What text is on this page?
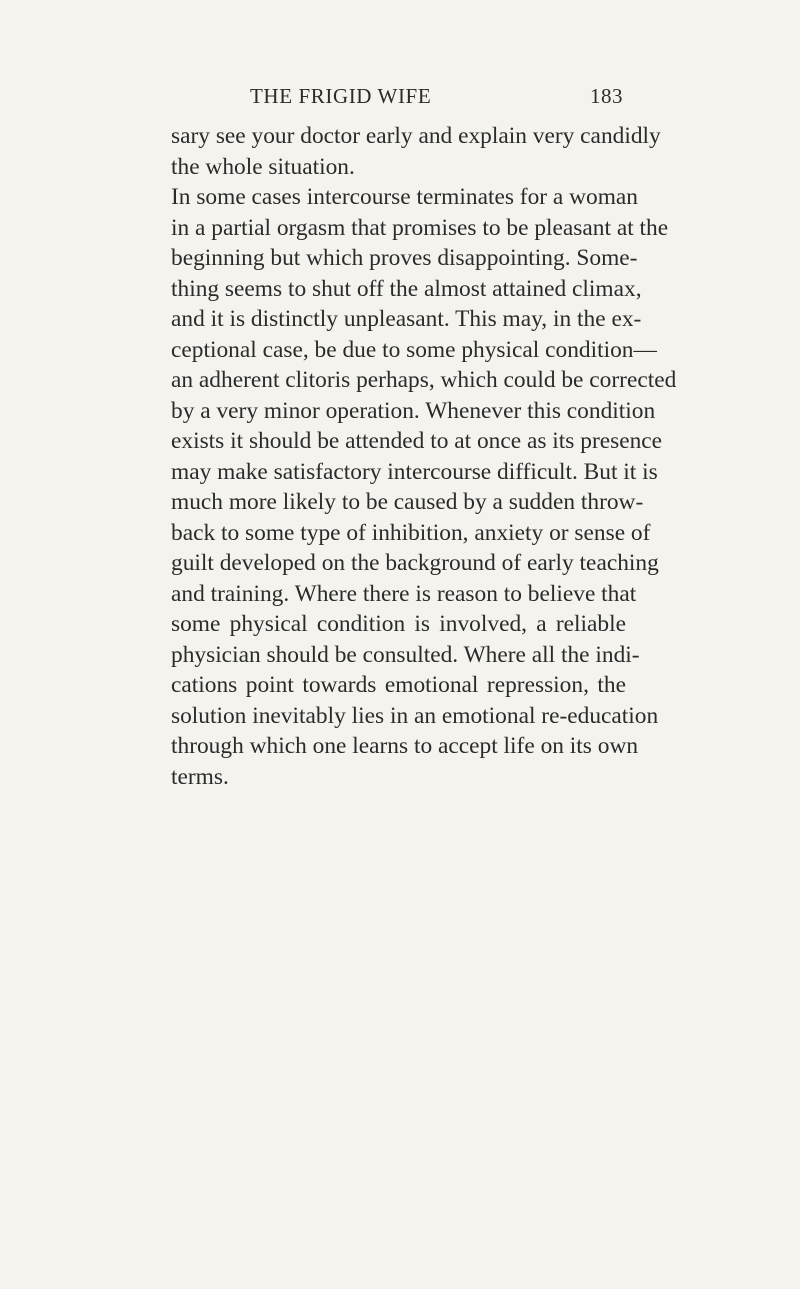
THE FRIGID WIFE	183
sary see your doctor early and explain very candidly
the whole situation.
In some cases intercourse terminates for a woman
in a partial orgasm that promises to be pleasant at the
beginning but which proves disappointing. Some-
thing seems to shut off the almost attained climax,
and it is distinctly unpleasant. This may, in the ex-
ceptional case, be due to some physical condition—
an adherent clitoris perhaps, which could be corrected
by a very minor operation. Whenever this condition
exists it should be attended to at once as its presence
may make satisfactory intercourse difficult. But it is
much more likely to be caused by a sudden throw-
back to some type of inhibition, anxiety or sense of
guilt developed on the background of early teaching
and training. Where there is reason to believe that
some physical condition is involved, a reliable
physician should be consulted. Where all the indi-
cations point towards emotional repression, the
solution inevitably lies in an emotional re-education
through which one learns to accept life on its own
terms.
